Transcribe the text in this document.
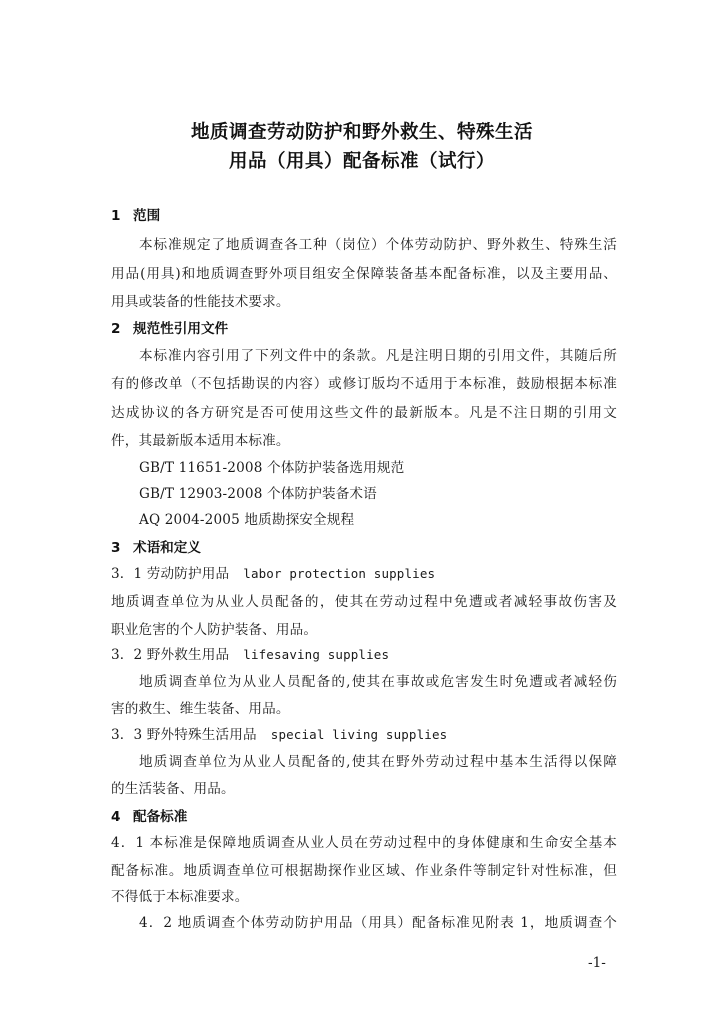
地质调查劳动防护和野外救生、特殊生活
用品（用具）配备标准（试行）
1 范围
本标准规定了地质调查各工种（岗位）个体劳动防护、野外救生、特殊生活
用品(用具)和地质调查野外项目组安全保障装备基本配备标准，以及主要用品、
用具或装备的性能技术要求。
2 规范性引用文件
本标准内容引用了下列文件中的条款。凡是注明日期的引用文件，其随后所
有的修改单（不包括勘误的内容）或修订版均不适用于本标准，鼓励根据本标准
达成协议的各方研究是否可使用这些文件的最新版本。凡是不注日期的引用文
件，其最新版本适用本标准。
GB/T 11651-2008 个体防护装备选用规范
GB/T 12903-2008 个体防护装备术语
AQ 2004-2005 地质勘探安全规程
3 术语和定义
3．1 劳动防护用品 labor protection supplies
地质调查单位为从业人员配备的，使其在劳动过程中免遭或者减轻事故伤害及
职业危害的个人防护装备、用品。
3．2 野外救生用品 lifesaving supplies
地质调查单位为从业人员配备的,使其在事故或危害发生时免遭或者减轻伤
害的救生、维生装备、用品。
3．3 野外特殊生活用品 special living supplies
地质调查单位为从业人员配备的,使其在野外劳动过程中基本生活得以保障
的生活装备、用品。
4 配备标准
4．1 本标准是保障地质调查从业人员在劳动过程中的身体健康和生命安全基本
配备标准。地质调查单位可根据勘探作业区域、作业条件等制定针对性标准，但
不得低于本标准要求。
4．2 地质调查个体劳动防护用品（用具）配备标准见附表 1，地质调查个
-1-
